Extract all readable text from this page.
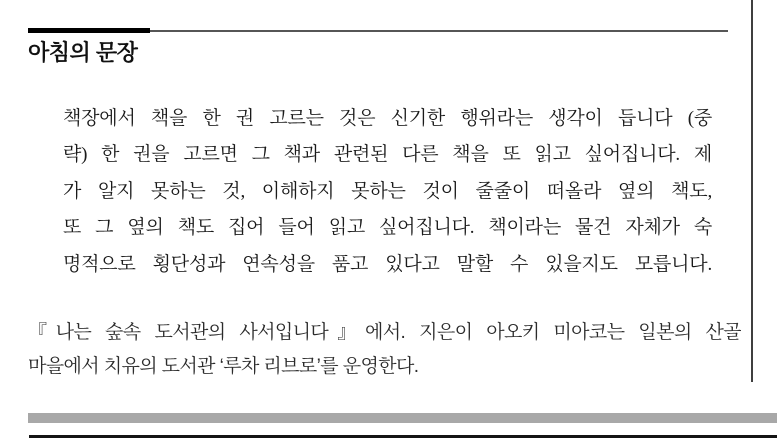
아침의 문장
책장에서 책을 한 권 고르는 것은 신기한 행위라는 생각이 듭니다 (중
략) 한 권을 고르면 그 책과 관련된 다른 책을 또 읽고 싶어집니다. 제
가 알지 못하는 것, 이해하지 못하는 것이 줄줄이 떠올라 옆의 책도,
또 그 옆의 책도 집어 들어 읽고 싶어집니다. 책이라는 물건 자체가 숙
명적으로 횡단성과 연속성을 품고 있다고 말할 수 있을지도 모릅니다.
『나는 숲속 도서관의 사서입니다』에서. 지은이 아오키 미아코는 일본의 산골
마을에서 치유의 도서관 ‘루차 리브로’를 운영한다.
